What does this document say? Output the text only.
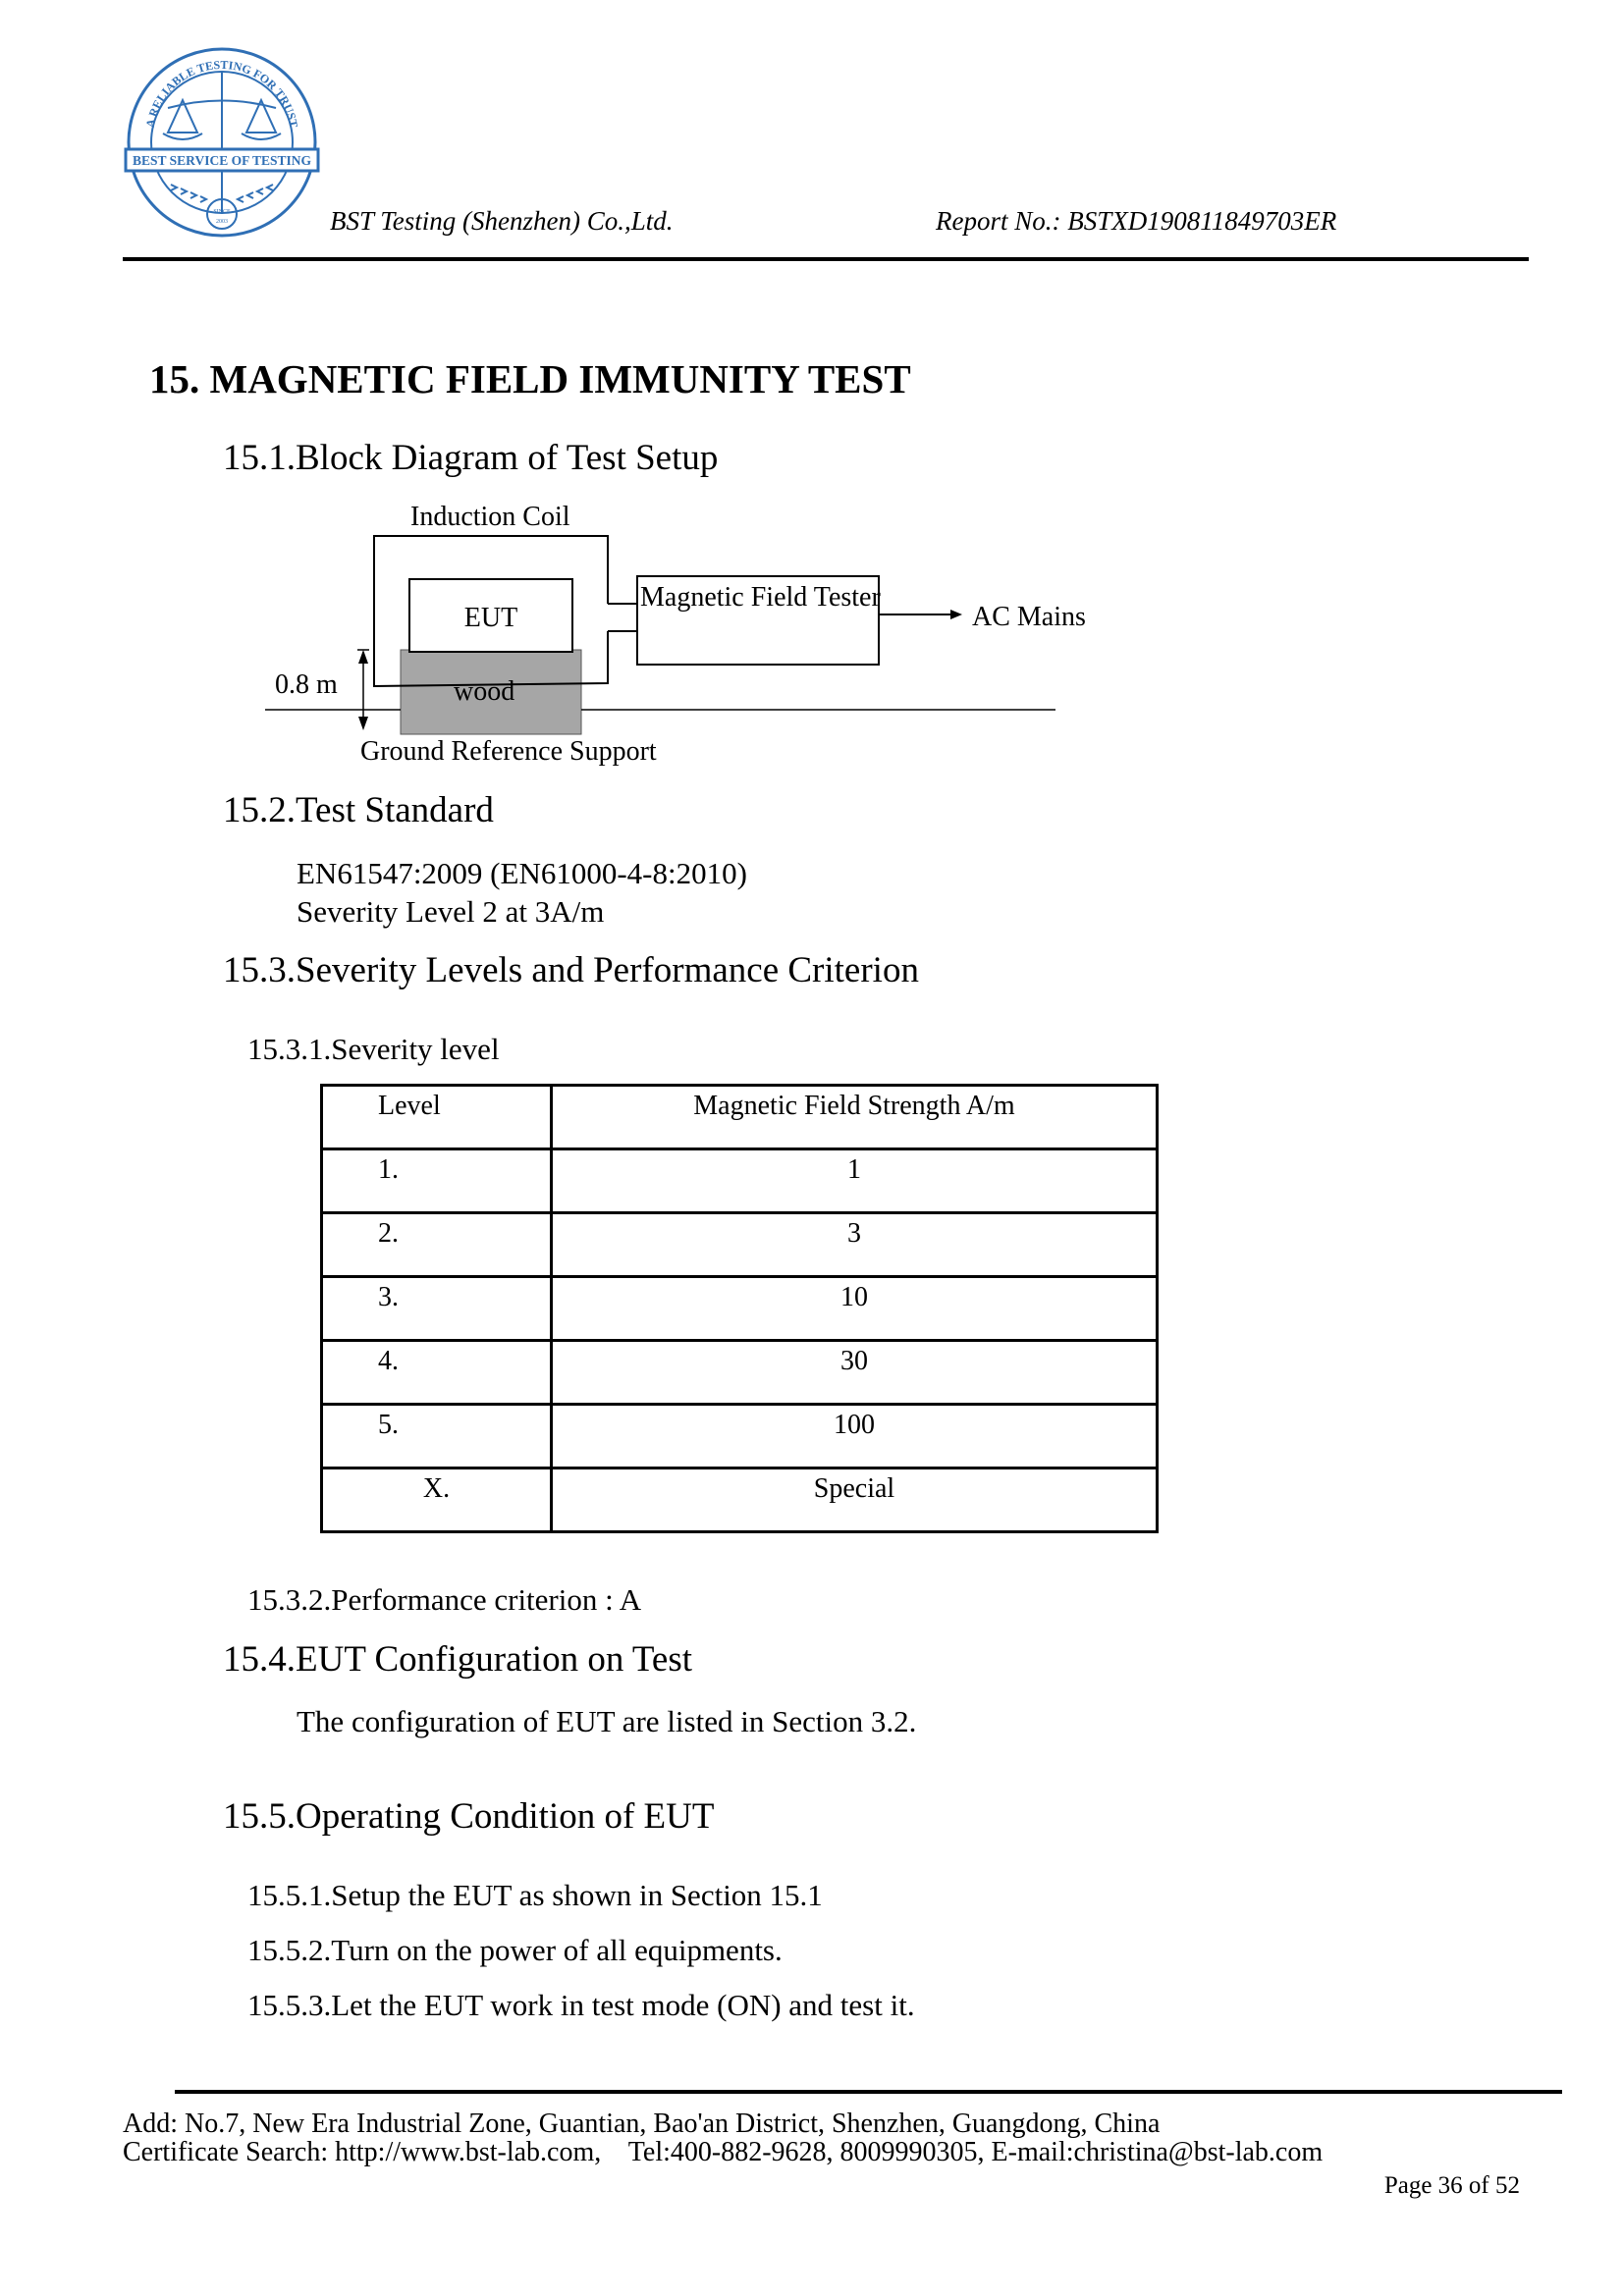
A RELIABLE TESTING FOR TRUST
BEST SERVICE OF TESTING
SINCE
2003	BST Testing (Shenzhen) Co.,Ltd.	Report No.: BSTXD190811849703ER
15. MAGNETIC FIELD IMMUNITY TEST
15.1.Block Diagram of Test Setup
Induction Coil
wood
EUT
Magnetic Field Tester
AC Mains
Ground Reference Support
0.8 m
15.2.Test Standard
EN61547:2009 (EN61000-4-8:2010)
Severity Level 2 at 3A/m
15.3.Severity Levels and Performance Criterion
15.3.1.Severity level
Level	Magnetic Field Strength A/m
1.	1
2.	3
3.	10
4.	30
5.	100
X.	Special
15.3.2.Performance criterion : A
15.4.EUT Configuration on Test
The configuration of EUT are listed in Section 3.2.
15.5.Operating Condition of EUT
15.5.1.Setup the EUT as shown in Section 15.1
15.5.2.Turn on the power of all equipments.
15.5.3.Let the EUT work in test mode (ON) and test it.
Add: No.7, New Era Industrial Zone, Guantian, Bao'an District, Shenzhen, Guangdong, China
Certificate Search: http://www.bst-lab.com,    Tel:400-882-9628, 8009990305, E-mail:christina@bst-lab.com
Page 36 of 52
